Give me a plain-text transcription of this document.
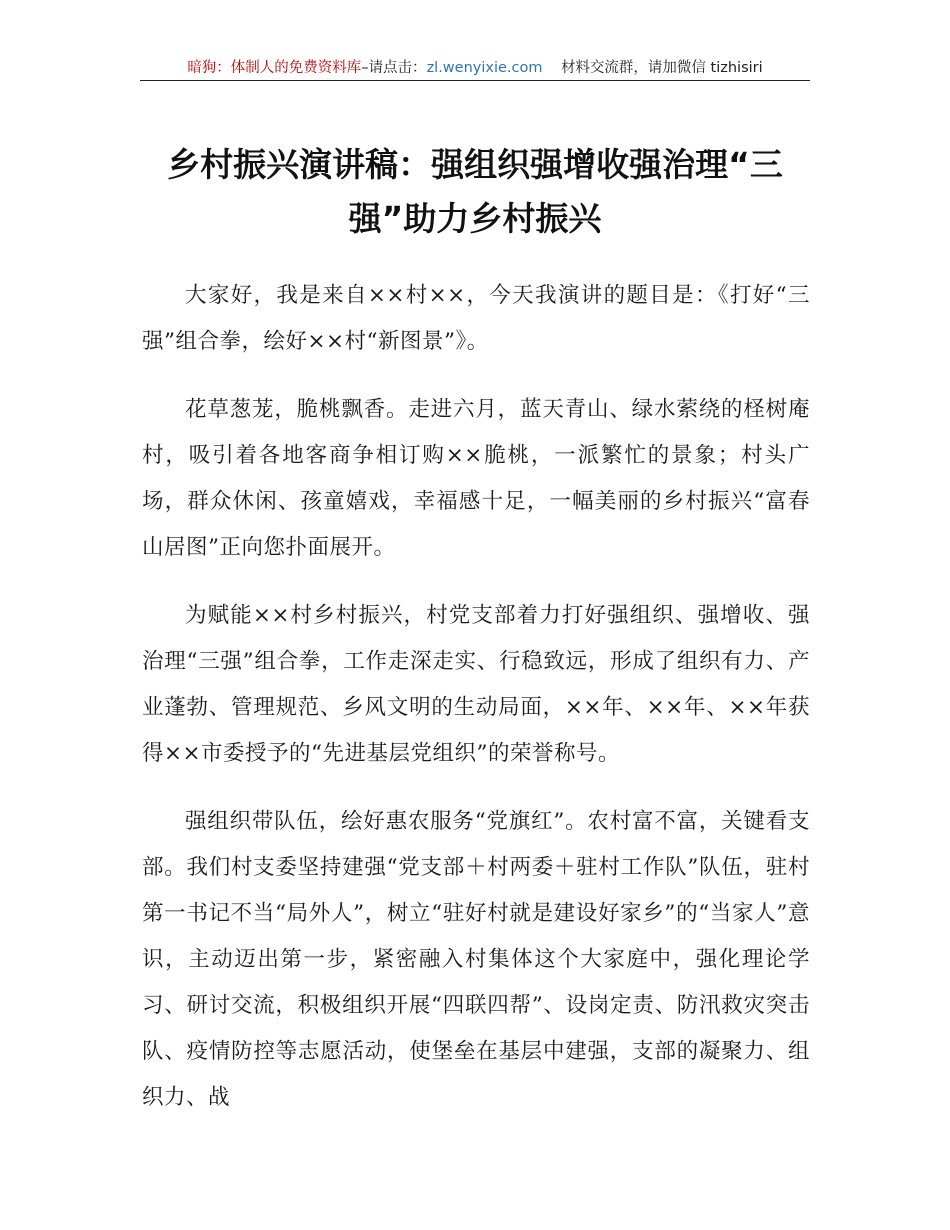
暗狗：体制人的免费资料库–请点击：zl.wenyixie.com 材料交流群，请加微信 tizhisiri
乡村振兴演讲稿：强组织强增收强治理“三强”助力乡村振兴

大家好，我是来自××村××，今天我演讲的题目是：《打好“三强”组合拳，绘好××村“新图景”》。

花草葱茏，脆桃飘香。走进六月，蓝天青山、绿水萦绕的柽树庵村，吸引着各地客商争相订购××脆桃，一派繁忙的景象；村头广场，群众休闲、孩童嬉戏，幸福感十足，一幅美丽的乡村振兴“富春山居图”正向您扑面展开。

为赋能××村乡村振兴，村党支部着力打好强组织、强增收、强治理“三强”组合拳，工作走深走实、行稳致远，形成了组织有力、产业蓬勃、管理规范、乡风文明的生动局面，××年、××年、××年获得××市委授予的“先进基层党组织”的荣誉称号。

强组织带队伍，绘好惠农服务“党旗红”。农村富不富，关键看支部。我们村支委坚持建强“党支部＋村两委＋驻村工作队”队伍，驻村第一书记不当“局外人”，树立“驻好村就是建设好家乡”的“当家人”意识，主动迈出第一步，紧密融入村集体这个大家庭中，强化理论学习、研讨交流，积极组织开展“四联四帮”、设岗定责、防汛救灾突击队、疫情防控等志愿活动，使堡垒在基层中建强，支部的凝聚力、组织力、战
